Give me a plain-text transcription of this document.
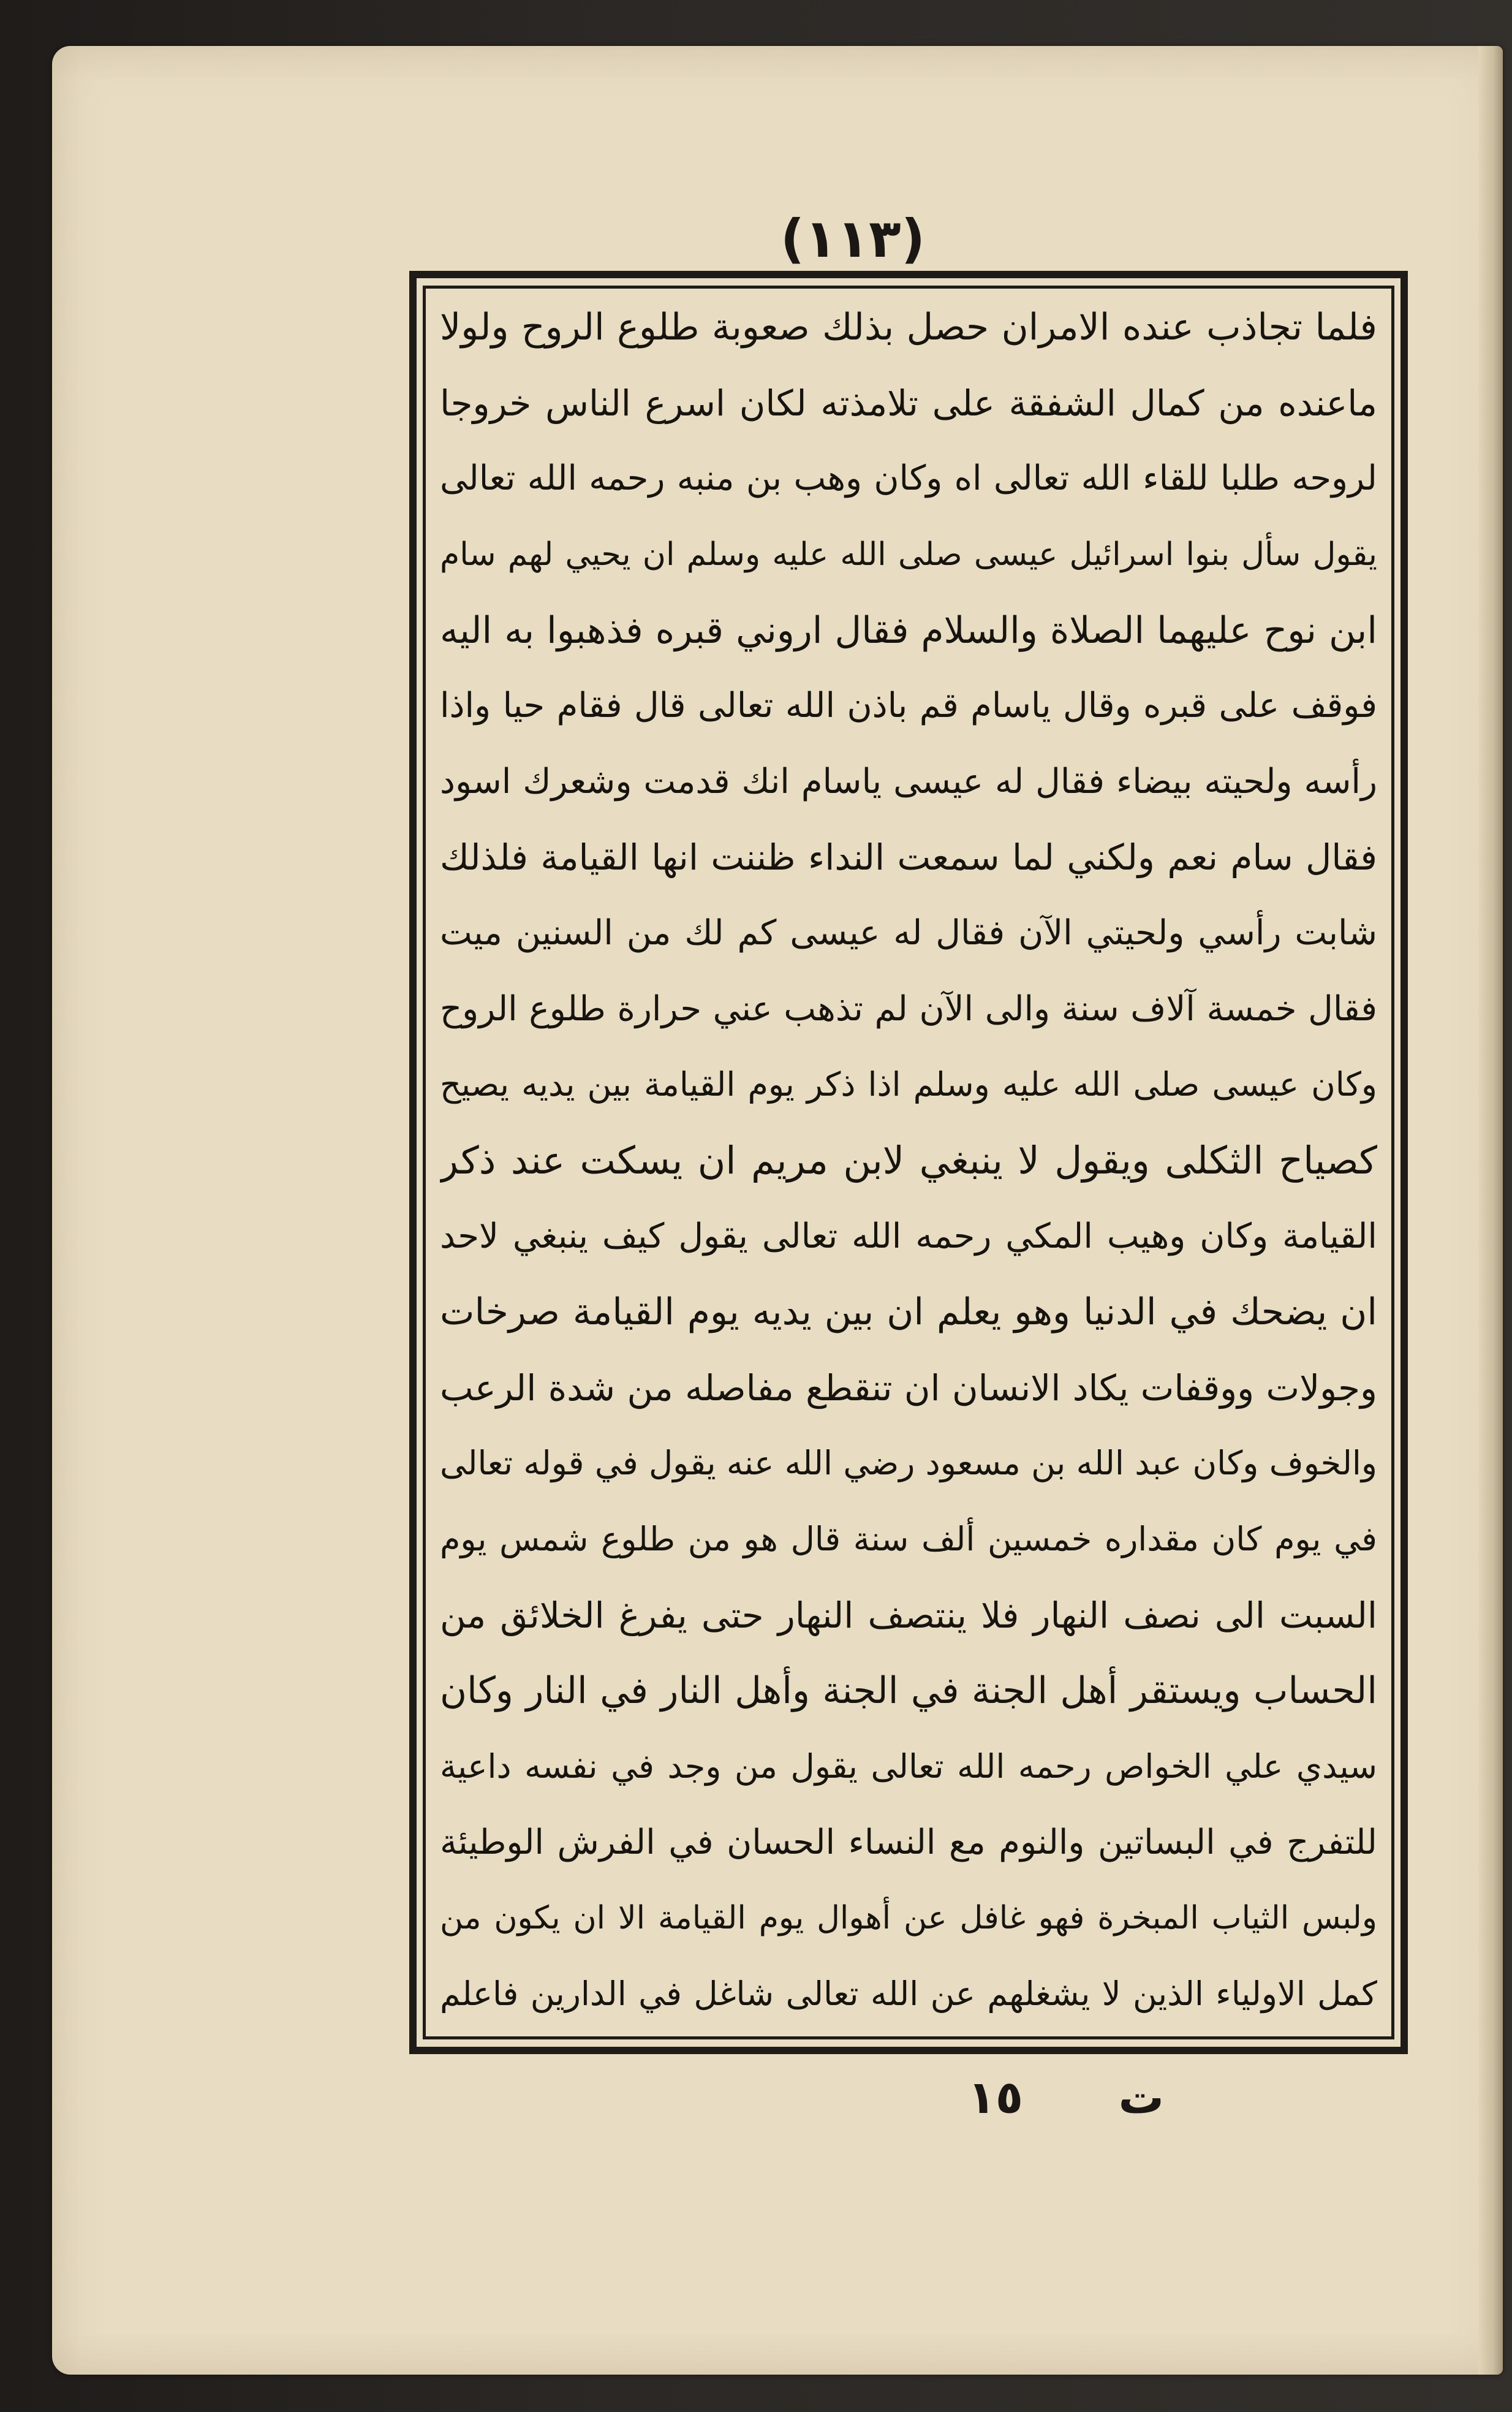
(١١٣)
فلما تجاذب عنده الامران حصل بذلك صعوبة طلوع الروح ولولا
ماعنده من كمال الشفقة على تلامذته لكان اسرع الناس خروجا
لروحه طلبا للقاء الله تعالى اه وكان وهب بن منبه رحمه الله تعالى
يقول سأل بنوا اسرائيل عيسى صلى الله عليه وسلم ان يحيي لهم سام
ابن نوح عليهما الصلاة والسلام فقال اروني قبره فذهبوا به اليه
فوقف على قبره وقال ياسام قم باذن الله تعالى قال فقام حيا واذا
رأسه ولحيته بيضاء فقال له عيسى ياسام انك قدمت وشعرك اسود
فقال سام نعم ولكني لما سمعت النداء ظننت انها القيامة فلذلك
شابت رأسي ولحيتي الآن فقال له عيسى كم لك من السنين ميت
فقال خمسة آلاف سنة والى الآن لم تذهب عني حرارة طلوع الروح
وكان عيسى صلى الله عليه وسلم اذا ذكر يوم القيامة بين يديه يصيح
كصياح الثكلى ويقول لا ينبغي لابن مريم ان يسكت عند ذكر
القيامة وكان وهيب المكي رحمه الله تعالى يقول كيف ينبغي لاحد
ان يضحك في الدنيا وهو يعلم ان بين يديه يوم القيامة صرخات
وجولات ووقفات يكاد الانسان ان تنقطع مفاصله من شدة الرعب
والخوف وكان عبد الله بن مسعود رضي الله عنه يقول في قوله تعالى
في يوم كان مقداره خمسين ألف سنة قال هو من طلوع شمس يوم
السبت الى نصف النهار فلا ينتصف النهار حتى يفرغ الخلائق من
الحساب ويستقر أهل الجنة في الجنة وأهل النار في النار وكان
سيدي علي الخواص رحمه الله تعالى يقول من وجد في نفسه داعية
للتفرج في البساتين والنوم مع النساء الحسان في الفرش الوطيئة
ولبس الثياب المبخرة فهو غافل عن أهوال يوم القيامة الا ان يكون من
كمل الاولياء الذين لا يشغلهم عن الله تعالى شاغل في الدارين فاعلم
ت
١٥
